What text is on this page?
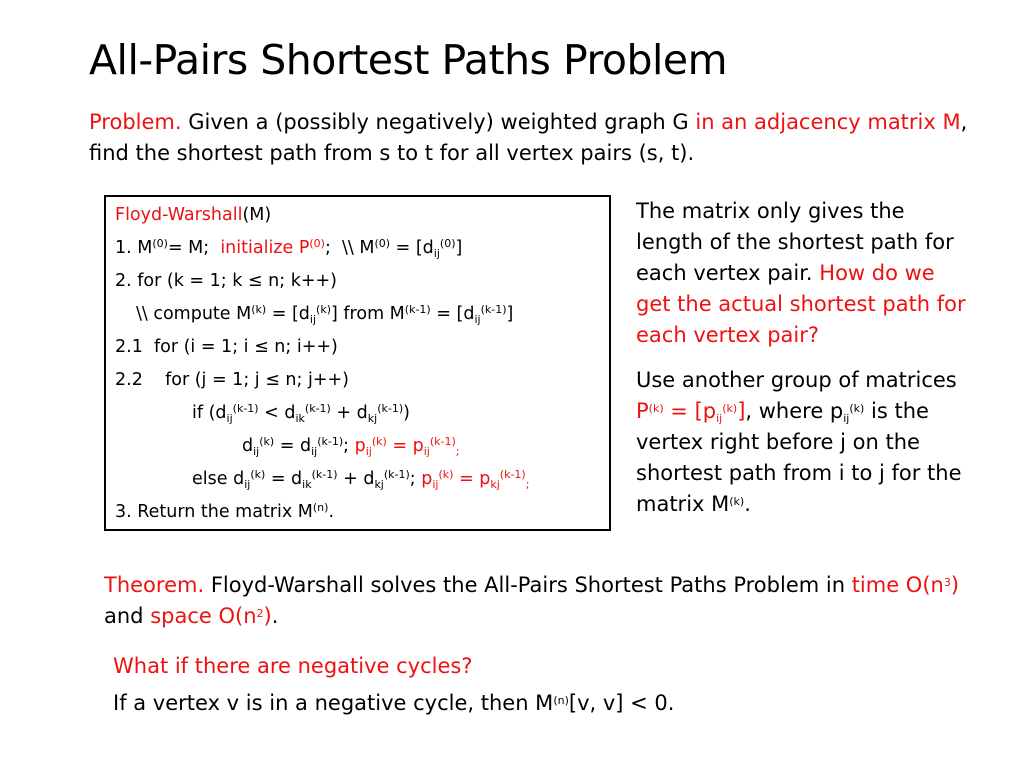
All-Pairs Shortest Paths Problem
Problem. Given a (possibly negatively) weighted graph G in an adjacency matrix M, find the shortest path from s to t for all vertex pairs (s, t).
Floyd-Warshall(M)
1. $M^{(0)}= M$;  initialize $P^{(0)}$;  \\ $M^{(0)} = [d_{ij}^{(0)}]$
2. for (k = 1; k ≤ n; k++)
\\ compute $M^{(k)} = [d_{ij}^{(k)}]$ from $M^{(k-1)} = [d_{ij}^{(k-1)}]$
2.1  for (i = 1; i ≤ n; i++)
2.2    for (j = 1; j ≤ n; j++)
if $(d_{ij}^{(k-1)} < d_{ik}^{(k-1)} + d_{kj}^{(k-1)})$
$d_{ij}^{(k)} = d_{ij}^{(k-1)}$; $p_{ij}^{(k)} = p_{ij}^{(k-1)}_;$
else $d_{ij}^{(k)} = d_{ik}^{(k-1)} + d_{kj}^{(k-1)}$; $p_{ij}^{(k)} = p_{kj}^{(k-1)}_;$
3. Return the matrix $M^{(n)}$.

The matrix only gives the length of the shortest path for each vertex pair. How do we get the actual shortest path for each vertex pair?

Use another group of matrices $P^{(k)} = [p_{ij}^{(k)}]$, where $p_{ij}^{(k)}$ is the vertex right before j on the shortest path from i to j for the matrix $M^{(k)}$.

Theorem. Floyd-Warshall solves the All-Pairs Shortest Paths Problem in time $O(n^3)$ and space $O(n^2)$.
What if there are negative cycles?
If a vertex v is in a negative cycle, then $M^{(n)}[v$, v] < 0.
